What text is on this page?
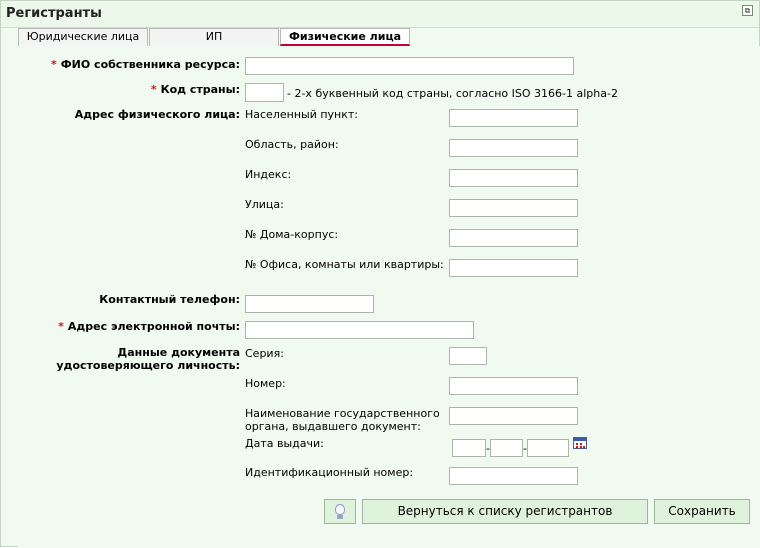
Регистранты	⧉
Юридические лица	ИП	Физические лица
* ФИО собственника ресурса:
* Код страны:	- 2-х буквенный код страны, согласно ISO 3166-1 alpha-2
Адрес физического лица: Населенный пункт:
Область, район:
Индекс:
Улица:
№ Дома-корпус:
№ Офиса, комнаты или квартиры:
Контактный телефон:
* Адрес электронной почты:
Данные документа
удостоверяющего личность:
Серия:
Номер:
Наименование государственного
органа, выдавшего документ:
Дата выдачи:	-	-
Идентификационный номер:
Вернуться к списку регистрантов	Сохранить
